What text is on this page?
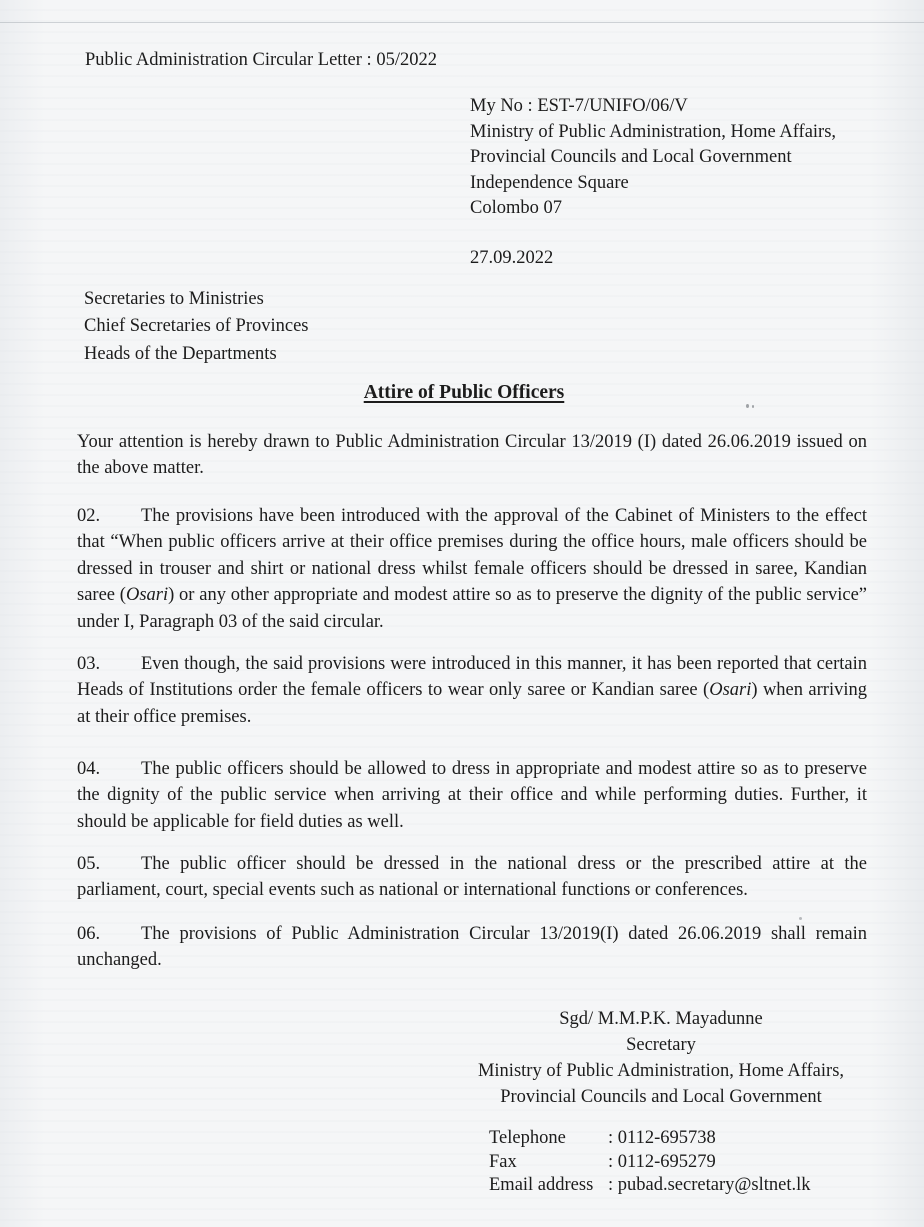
Public Administration Circular Letter : 05/2022
My No : EST-7/UNIFO/06/V
Ministry of Public Administration, Home Affairs,
Provincial Councils and Local Government
Independence Square
Colombo 07
27.09.2022
Secretaries to Ministries
Chief Secretaries of Provinces
Heads of the Departments
Attire of Public Officers
Your attention is hereby drawn to Public Administration Circular 13/2019 (I) dated 26.06.2019 issued on the above matter.
02. The provisions have been introduced with the approval of the Cabinet of Ministers to the effect that “When public officers arrive at their office premises during the office hours, male officers should be dressed in trouser and shirt or national dress whilst female officers should be dressed in saree, Kandian saree (Osari) or any other appropriate and modest attire so as to preserve the dignity of the public service” under I, Paragraph 03 of the said circular.
03. Even though, the said provisions were introduced in this manner, it has been reported that certain Heads of Institutions order the female officers to wear only saree or Kandian saree (Osari) when arriving at their office premises.
04. The public officers should be allowed to dress in appropriate and modest attire so as to preserve the dignity of the public service when arriving at their office and while performing duties. Further, it should be applicable for field duties as well.
05. The public officer should be dressed in the national dress or the prescribed attire at the parliament, court, special events such as national or international functions or conferences.
06. The provisions of Public Administration Circular 13/2019(I) dated 26.06.2019 shall remain unchanged.
Sgd/ M.M.P.K. Mayadunne
Secretary
Ministry of Public Administration, Home Affairs,
Provincial Councils and Local Government
Telephone : 0112-695738
Fax	: 0112-695279
Email address : pubad.secretary@sltnet.lk
